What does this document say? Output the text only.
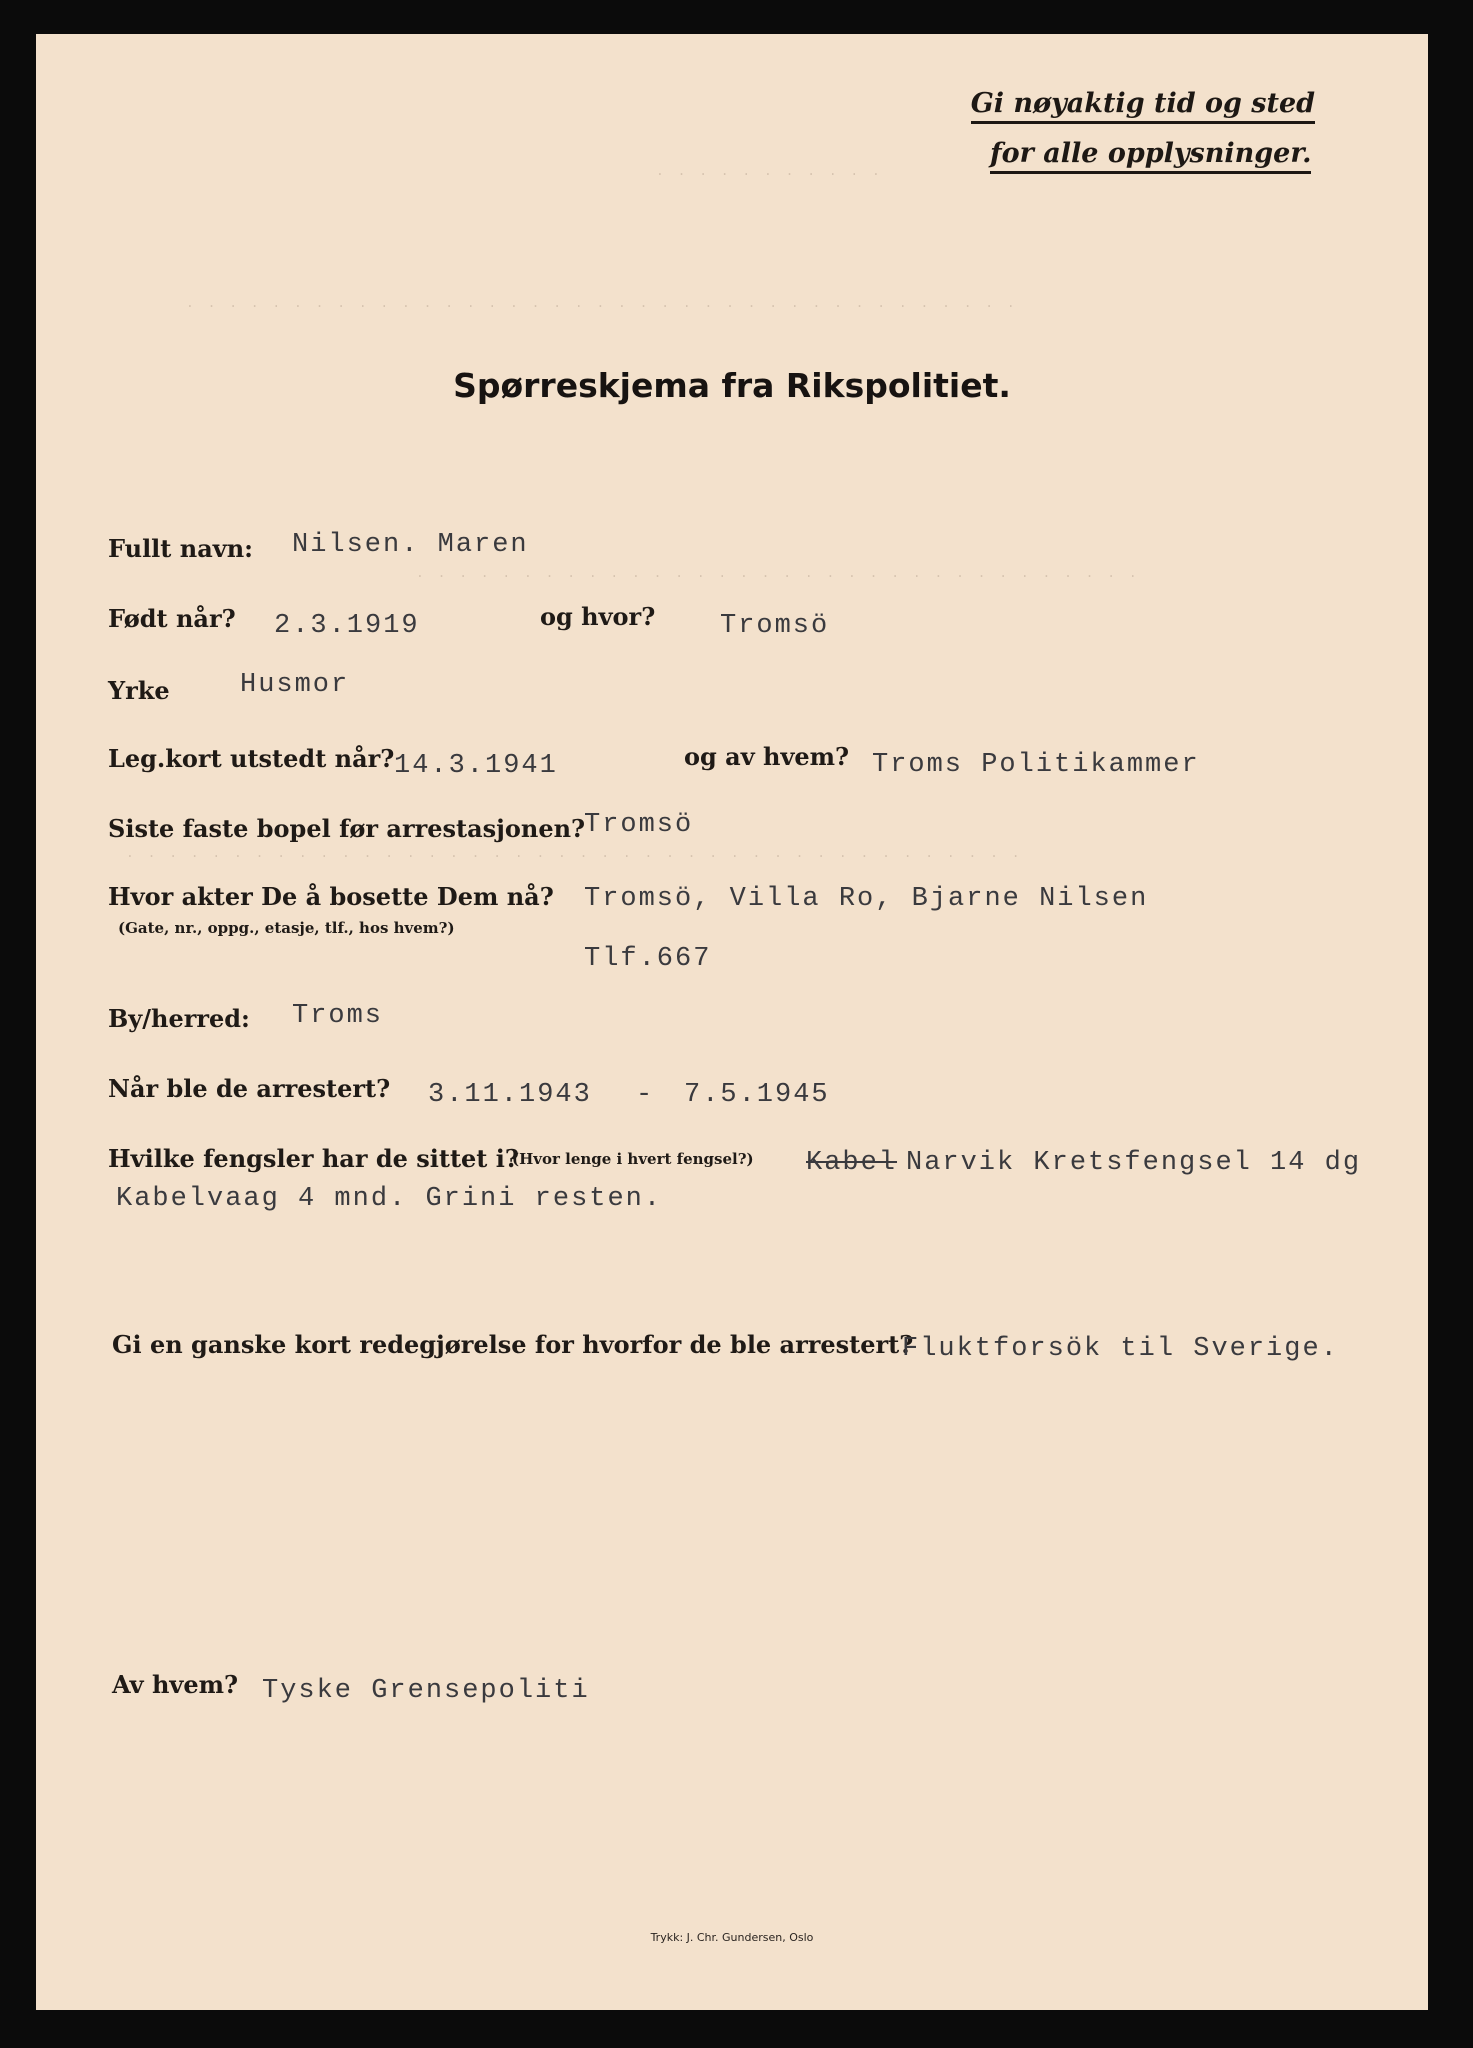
Gi nøyaktig tid og sted
for alle opplysninger.
. . . . . . . . . . .
. . . . . . . . . . . . . . . . . . . . . . . . . . . . . . . . . . . . . . .
. . . . . . . . . . . . . . . . . . . . . . . . . . . . . . . . . .
. . . . . . . . . . . . . . . . . . . . . . . . . . . . . . . . . . . . . . . . . .
Spørreskjema fra Rikspolitiet.
Fullt navn: Nilsen. Maren
Født når? 2.3.1919	og hvor? Tromsö
Yrke	Husmor
Leg.kort utstedt når? 14.3.1941	og av hvem? Troms Politikammer
Siste faste bopel før arrestasjonen?
Tromsö
Hvor akter De å bosette Dem nå?
(Gate, nr., oppg., etasje, tlf., hos hvem?)
Tromsö, Villa Ro, Bjarne Nilsen
Tlf.667
By/herred: Troms
Når ble de arrestert? 3.11.1943 - 7.5.1945
Hvilke fengsler har de sittet i?
(Hvor lenge i hvert fengsel?) Kabel Narvik Kretsfengsel 14 dg
Kabelvaag 4 mnd. Grini resten.
Gi en ganske kort redegjørelse for hvorfor de ble arrestert?
Fluktforsök til Sverige.
Av hvem? Tyske Grensepoliti
Trykk: J. Chr. Gundersen, Oslo
